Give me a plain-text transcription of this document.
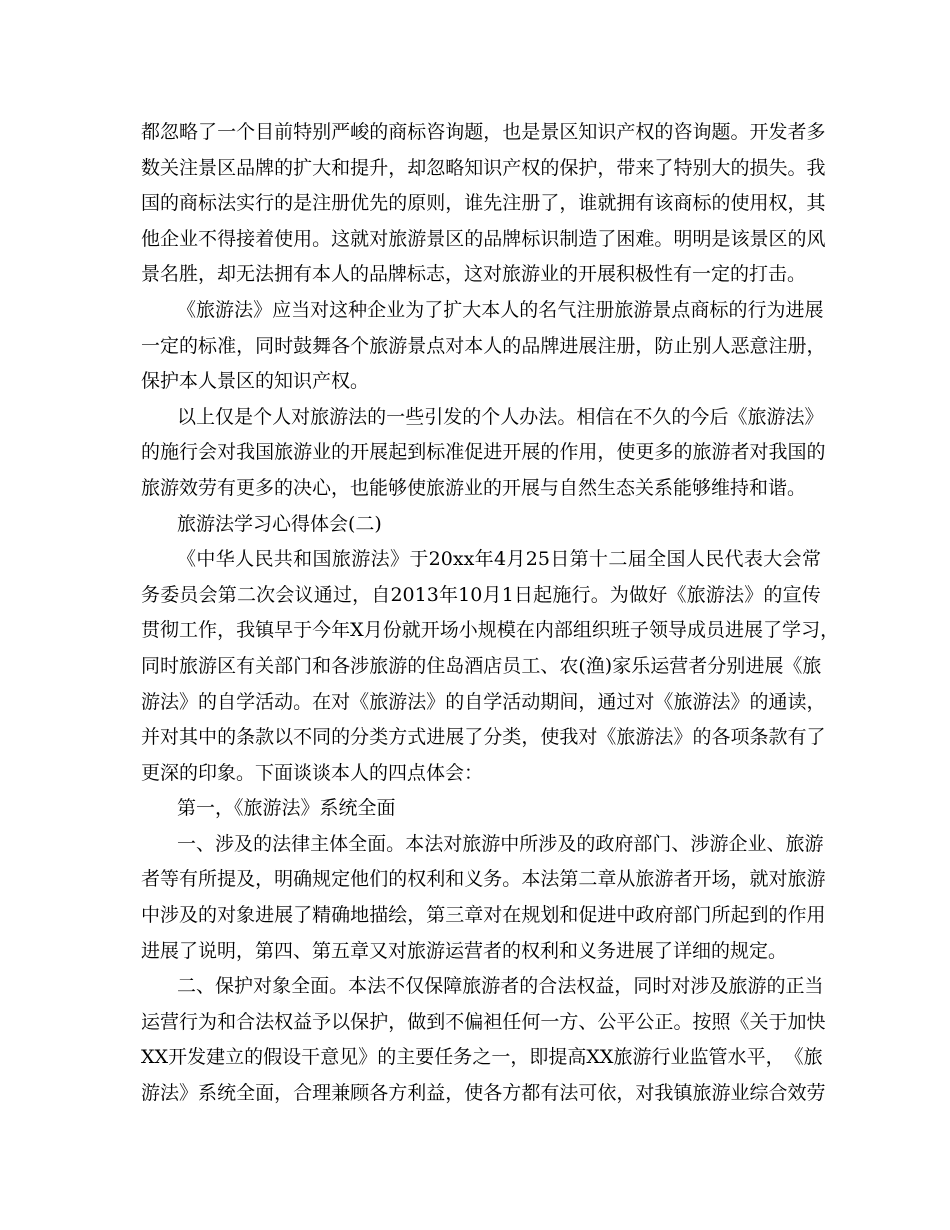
都 忽 略 了 一 个 目 前 特 别 严 峻 的 商 标 咨 询 题 ， 也 是 景 区 知 识 产 权 的 咨 询 题 。 开 发 者 多
数 关 注 景 区 品 牌 的 扩 大 和 提 升 ， 却 忽 略 知 识 产 权 的 保 护 ， 带 来 了 特 别 大 的 损 失 。 我
国 的 商 标 法 实 行 的 是 注 册 优 先 的 原 则 ， 谁 先 注 册 了 ， 谁 就 拥 有 该 商 标 的 使 用 权 ， 其
他 企 业 不 得 接 着 使 用 。 这 就 对 旅 游 景 区 的 品 牌 标 识 制 造 了 困 难 。 明 明 是 该 景 区 的 风
景名胜，却无法拥有本人的品牌标志，这对旅游业的开展积极性有一定的打击。
《 旅 游 法 》 应 当 对 这 种 企 业 为 了 扩 大 本 人 的 名 气 注 册 旅 游 景 点 商 标 的 行 为 进 展
一 定 的 标 准 ， 同 时 鼓 舞 各 个 旅 游 景 点 对 本 人 的 品 牌 进 展 注 册 ， 防 止 别 人 恶 意 注 册 ，
保护本人景区的知识产权。
以 上 仅 是 个 人 对 旅 游 法 的 一 些 引 发 的 个 人 办 法 。 相 信 在 不 久 的 今 后 《 旅 游 法 》
的 施 行 会 对 我 国 旅 游 业 的 开 展 起 到 标 准 促 进 开 展 的 作 用 ， 使 更 多 的 旅 游 者 对 我 国 的
旅游效劳有更多的决心，也能够使旅游业的开展与自然生态关系能够维持和谐。
旅游法学习心得体会(二)
《 中 华 人 民 共 和 国 旅 游 法 》 于 20xx 年 4 月 25 日 第 十 二 届 全 国 人 民 代 表 大 会 常
务 委 员 会 第 二 次 会 议 通 过 ， 自 2013 年 10 月 1 日 起 施 行 。 为 做 好 《 旅 游 法 》 的 宣 传
贯 彻 工 作 ， 我 镇 早 于 今 年 X 月 份 就 开 场 小 规 模 在 内 部 组 织 班 子 领 导 成 员 进 展 了 学 习 ，
同 时 旅 游 区 有 关 部 门 和 各 涉 旅 游 的 住 岛 酒 店 员 工 、 农 ( 渔 ) 家 乐 运 营 者 分 别 进 展 《 旅
游 法 》 的 自 学 活 动 。 在 对 《 旅 游 法 》 的 自 学 活 动 期 间 ， 通 过 对 《 旅 游 法 》 的 通 读 ，
并 对 其 中 的 条 款 以 不 同 的 分 类 方 式 进 展 了 分 类 ， 使 我 对 《 旅 游 法 》 的 各 项 条 款 有 了
更深的印象。下面谈谈本人的四点体会：
第一，《旅游法》系统全面
一 、 涉 及 的 法 律 主 体 全 面 。 本 法 对 旅 游 中 所 涉 及 的 政 府 部 门 、 涉 游 企 业 、 旅 游
者 等 有 所 提 及 ， 明 确 规 定 他 们 的 权 利 和 义 务 。 本 法 第 二 章 从 旅 游 者 开 场 ， 就 对 旅 游
中 涉 及 的 对 象 进 展 了 精 确 地 描 绘 ， 第 三 章 对 在 规 划 和 促 进 中 政 府 部 门 所 起 到 的 作 用
进展了说明，第四、第五章又对旅游运营者的权利和义务进展了详细的规定。
二 、 保 护 对 象 全 面 。 本 法 不 仅 保 障 旅 游 者 的 合 法 权 益 ， 同 时 对 涉 及 旅 游 的 正 当
运 营 行 为 和 合 法 权 益 予 以 保 护 ， 做 到 不 偏 袒 任 何 一 方 、 公 平 公 正 。 按 照 《 关 于 加 快
XX 开 发 建 立 的 假 设 干 意 见 》 的 主 要 任 务 之 一 ， 即 提 高 XX 旅 游 行 业 监 管 水 平 ， 《 旅
游 法 》 系 统 全 面 ， 合 理 兼 顾 各 方 利 益 ， 使 各 方 都 有 法 可 依 ， 对 我 镇 旅 游 业 综 合 效 劳
